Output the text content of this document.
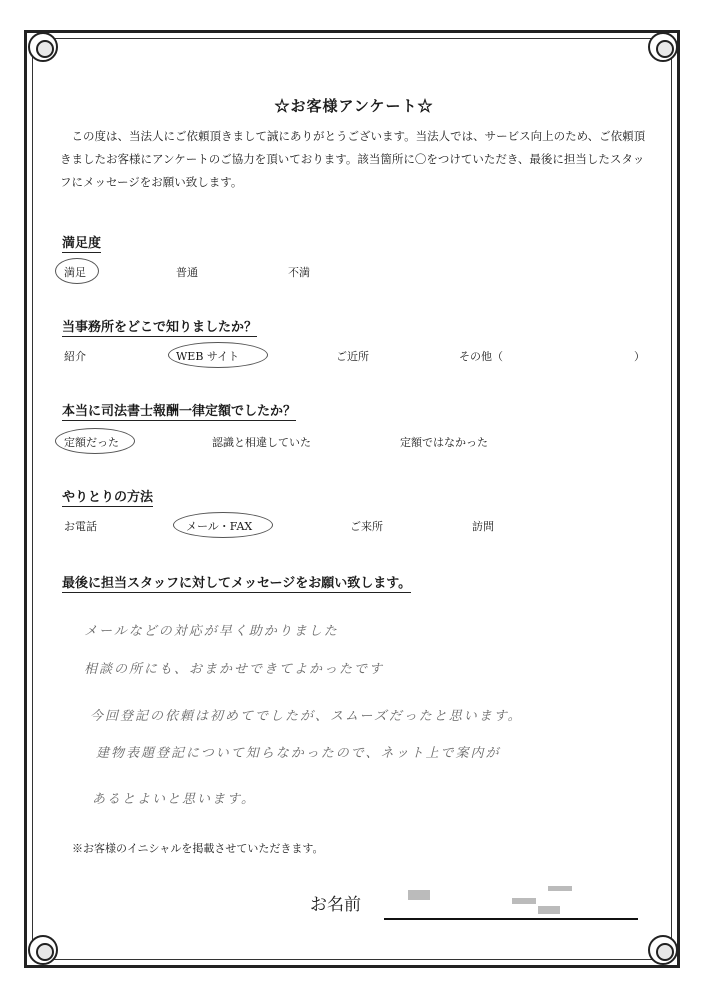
☆お客様アンケート☆
　この度は、当法人にご依頼頂きまして誠にありがとうございます。当法人では、サービス向上のため、ご依頼頂きましたお客様にアンケートのご協力を頂いております。該当箇所に〇をつけていただき、最後に担当したスタッフにメッセージをお願い致します。
満足度
満足	普通	不満
当事務所をどこで知りましたか？
紹介	WEB サイト	ご近所	その他（	）
本当に司法書士報酬一律定額でしたか？
定額だった	認識と相違していた	定額ではなかった
やりとりの方法
お電話	メール・FAX	ご来所	訪問
最後に担当スタッフに対してメッセージをお願い致します。
メールなどの対応が早く助かりました
相談の所にも、おまかせできてよかったです
今回登記の依頼は初めてでしたが、スムーズだったと思います。
建物表題登記について知らなかったので、ネット上で案内が
あるとよいと思います。
※お客様のイニシャルを掲載させていただきます。
お名前
